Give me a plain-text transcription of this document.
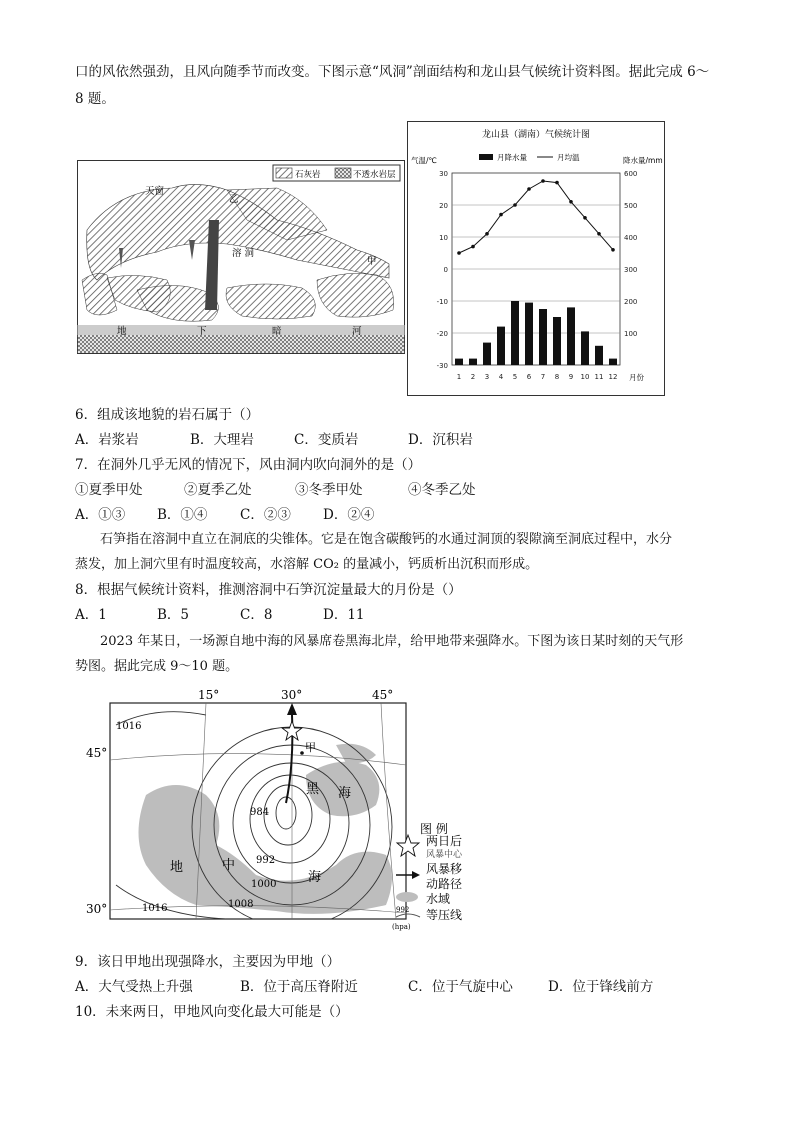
口的风依然强劲，且风向随季节而改变。下图示意“风洞”剖面结构和龙山县气候统计资料图。据此完成 6～
8 题。
石灰岩	不透水岩层
天窗
乙
甲
溶 洞
地	下	暗	河
龙山县（湖南）气候统计图
气温/℃	降水量/mm
月降水量	月均温
月份
30
20
10
0
-10
-20
-30
600
500
400
300
200
100
1 2 3 4 5 6 7 8 9 10 11 12
6．组成该地貌的岩石属于（）
A．岩浆岩	B．大理岩	C．变质岩	D．沉积岩
7．在洞外几乎无风的情况下，风由洞内吹向洞外的是（）
①夏季甲处	②夏季乙处	③冬季甲处	④冬季乙处
A．①③ B．①④ C．②③ D．②④
石笋指在溶洞中直立在洞底的尖锥体。它是在饱含碳酸钙的水通过洞顶的裂隙滴至洞底过程中，水分
蒸发，加上洞穴里有时温度较高，水溶解 CO₂ 的量减小，钙质析出沉积而形成。
8．根据气候统计资料，推测溶洞中石笋沉淀量最大的月份是（）
A．1	B．5	C．8	D．11
2023 年某日，一场源自地中海的风暴席卷黑海北岸，给甲地带来强降水。下图为该日某时刻的天气形
势图。据此完成 9～10 题。
15°	30°	45°
45°
30°
甲
黑 海
地	中
海
1016
984
992
1000
1008
1016
图 例
两日后
风暴中心
风暴移
动路径
水域
992
(hpa)
等压线
9．该日甲地出现强降水，主要因为甲地（）
A．大气受热上升强	B．位于高压脊附近	C．位于气旋中心	D．位于锋线前方
10．未来两日，甲地风向变化最大可能是（）
